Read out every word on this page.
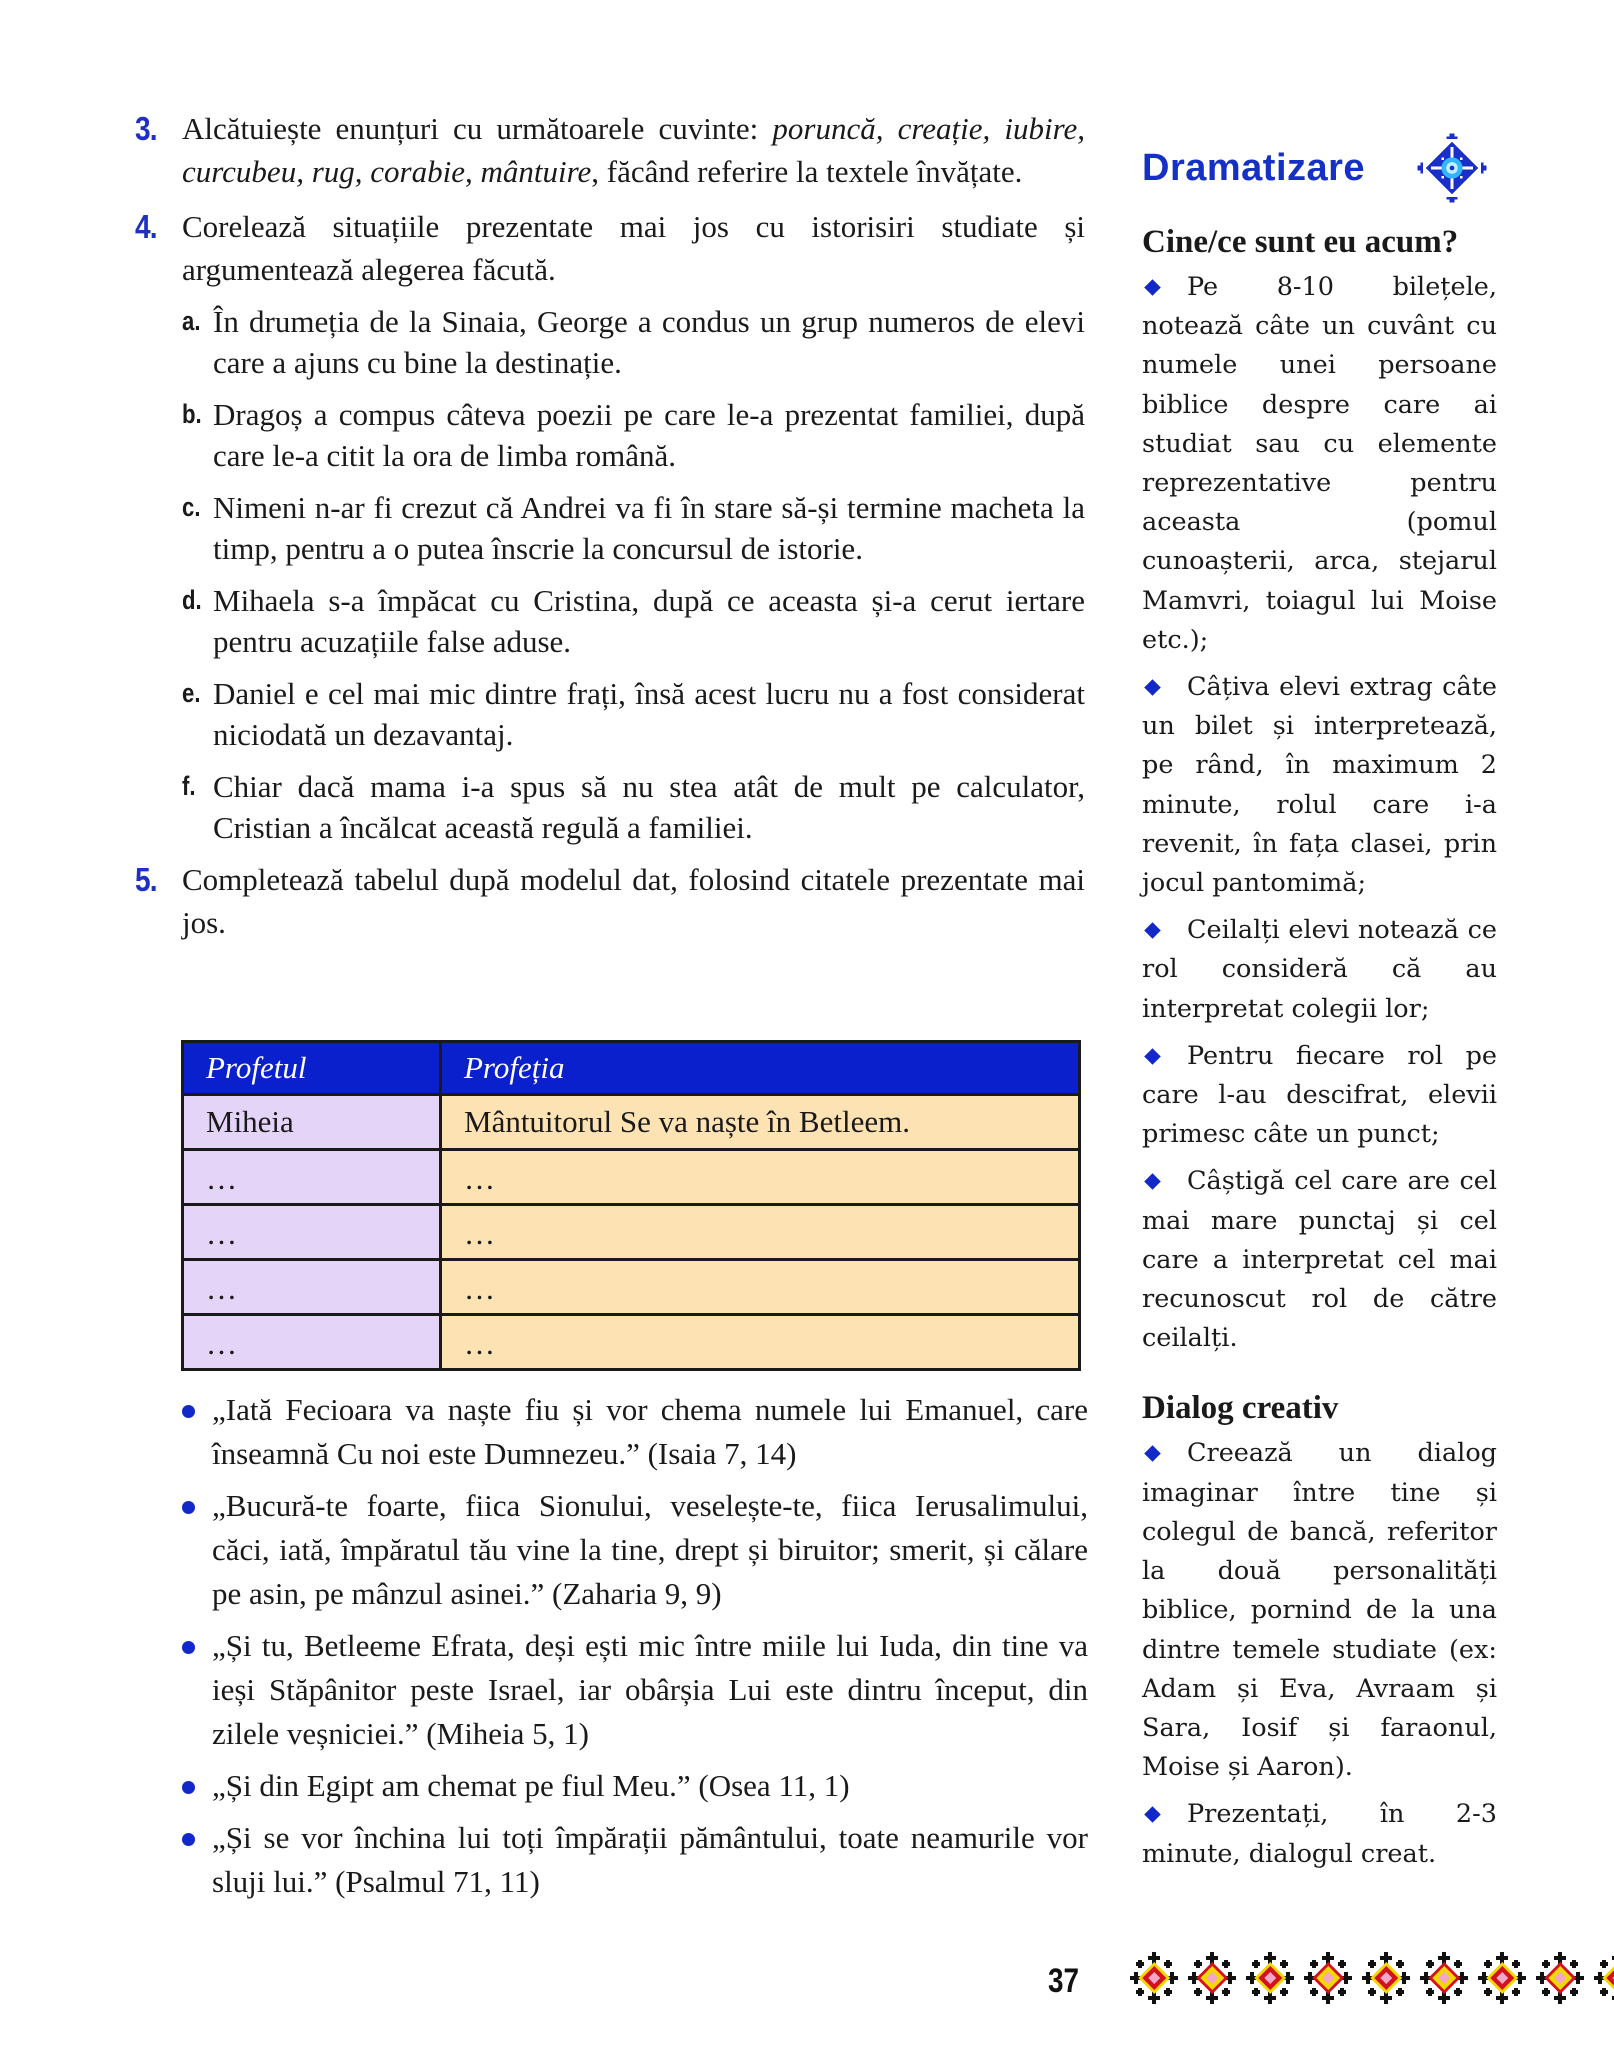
3. Alcătuiește enunțuri cu următoarele cuvinte: poruncă, creație, iubire, curcubeu, rug, corabie, mântuire, făcând referire la textele învățate.
4. Corelează situațiile prezentate mai jos cu istorisiri studiate și argumentează alegerea făcută.
a. În drumeția de la Sinaia, George a condus un grup numeros de elevi care a ajuns cu bine la destinație.
b. Dragoș a compus câteva poezii pe care le-a prezentat familiei, după care le-a citit la ora de limba română.
c. Nimeni n-ar fi crezut că Andrei va fi în stare să-și termine macheta la timp, pentru a o putea înscrie la concursul de istorie.
d. Mihaela s-a împăcat cu Cristina, după ce aceasta și-a cerut iertare pentru acuzațiile false aduse.
e. Daniel e cel mai mic dintre frați, însă acest lucru nu a fost considerat niciodată un dezavantaj.
f. Chiar dacă mama i-a spus să nu stea atât de mult pe calculator, Cristian a încălcat această regulă a familiei.
5. Completează tabelul după modelul dat, folosind citatele prezentate mai jos.
Profetul	Profeția
Miheia	Mântuitorul Se va naște în Betleem.
…	…
…	…
…	…
…	…
„Iată Fecioara va naște fiu și vor chema numele lui Emanuel, care înseamnă Cu noi este Dumnezeu.” (Isaia 7, 14)
„Bucură-te foarte, fiica Sionului, veselește-te, fiica Ierusalimului, căci, iată, împăratul tău vine la tine, drept și biruitor; smerit, și călare pe asin, pe mânzul asinei.” (Zaharia 9, 9)
„Și tu, Betleeme Efrata, deși ești mic între miile lui Iuda, din tine va ieși Stăpânitor peste Israel, iar obârșia Lui este dintru început, din zilele veșniciei.” (Miheia 5, 1)
„Și din Egipt am chemat pe fiul Meu.” (Osea 11, 1)
„Și se vor închina lui toți împărații pământului, toate neamurile vor sluji lui.” (Psalmul 71, 11)
Dramatizare
Cine/ce sunt eu acum?
Pe 8-10 bilețele, notează câte un cuvânt cu numele unei persoane biblice despre care ai studiat sau cu elemente reprezentative pentru aceasta (pomul cunoașterii, arca, stejarul Mamvri, toiagul lui Moise etc.);
Câțiva elevi extrag câte un bilet și interpretează, pe rând, în maximum 2 minute, rolul care i-a revenit, în fața clasei, prin jocul pantomimă;
Ceilalți elevi notează ce rol consideră că au interpretat colegii lor;
Pentru fiecare rol pe care l-au descifrat, elevii primesc câte un punct;
Câștigă cel care are cel mai mare punctaj și cel care a interpretat cel mai recunoscut rol de către ceilalți.
Dialog creativ
Creează un dialog imaginar între tine și colegul de bancă, referitor la două personalități biblice, pornind de la una dintre temele studiate (ex: Adam și Eva, Avraam și Sara, Iosif și faraonul, Moise și Aaron).
Prezentați, în 2-3 minute, dialogul creat.
37
